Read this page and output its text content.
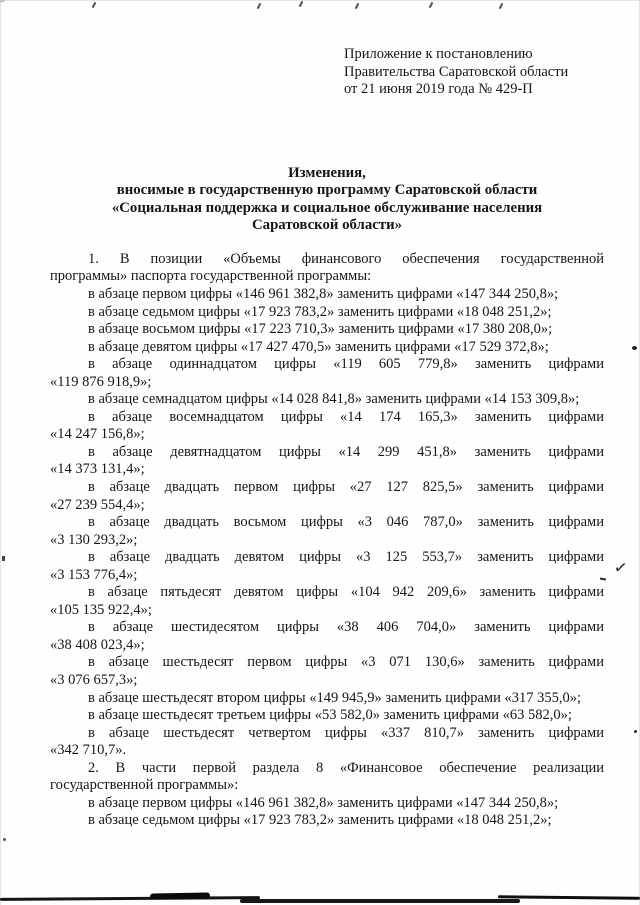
Приложение к постановлению
Правительства Саратовской области
от 21 июня 2019 года № 429-П
Изменения,
вносимые в государственную программу Саратовской области
«Социальная поддержка и социальное обслуживание населения
Саратовской области»

1. В позиции «Объемы финансового обеспечения государственной
программы» паспорта государственной программы:

в абзаце первом цифры «146 961 382,8» заменить цифрами «147 344 250,8»;

в абзаце седьмом цифры «17 923 783,2» заменить цифрами «18 048 251,2»;

в абзаце восьмом цифры «17 223 710,3» заменить цифрами «17 380 208,0»;

в абзаце девятом цифры «17 427 470,5» заменить цифрами «17 529 372,8»;

в абзаце одиннадцатом цифры «119 605 779,8» заменить цифрами
«119 876 918,9»;

в абзаце семнадцатом цифры «14 028 841,8» заменить цифрами «14 153 309,8»;

в абзаце восемнадцатом цифры «14 174 165,3» заменить цифрами
«14 247 156,8»;

в абзаце девятнадцатом цифры «14 299 451,8» заменить цифрами
«14 373 131,4»;

в абзаце двадцать первом цифры «27 127 825,5» заменить цифрами
«27 239 554,4»;

в абзаце двадцать восьмом цифры «3 046 787,0» заменить цифрами
«3 130 293,2»;

в абзаце двадцать девятом цифры «3 125 553,7» заменить цифрами
«3 153 776,4»;

в абзаце пятьдесят девятом цифры «104 942 209,6» заменить цифрами
«105 135 922,4»;

в абзаце шестидесятом цифры «38 406 704,0» заменить цифрами
«38 408 023,4»;

в абзаце шестьдесят первом цифры «3 071 130,6» заменить цифрами
«3 076 657,3»;

в абзаце шестьдесят втором цифры «149 945,9» заменить цифрами «317 355,0»;

в абзаце шестьдесят третьем цифры «53 582,0» заменить цифрами «63 582,0»;

в абзаце шестьдесят четвертом цифры «337 810,7» заменить цифрами
«342 710,7».

2. В части первой раздела 8 «Финансовое обеспечение реализации
государственной программы»:

в абзаце первом цифры «146 961 382,8» заменить цифрами «147 344 250,8»;

в абзаце седьмом цифры «17 923 783,2» заменить цифрами «18 048 251,2»;

✓
